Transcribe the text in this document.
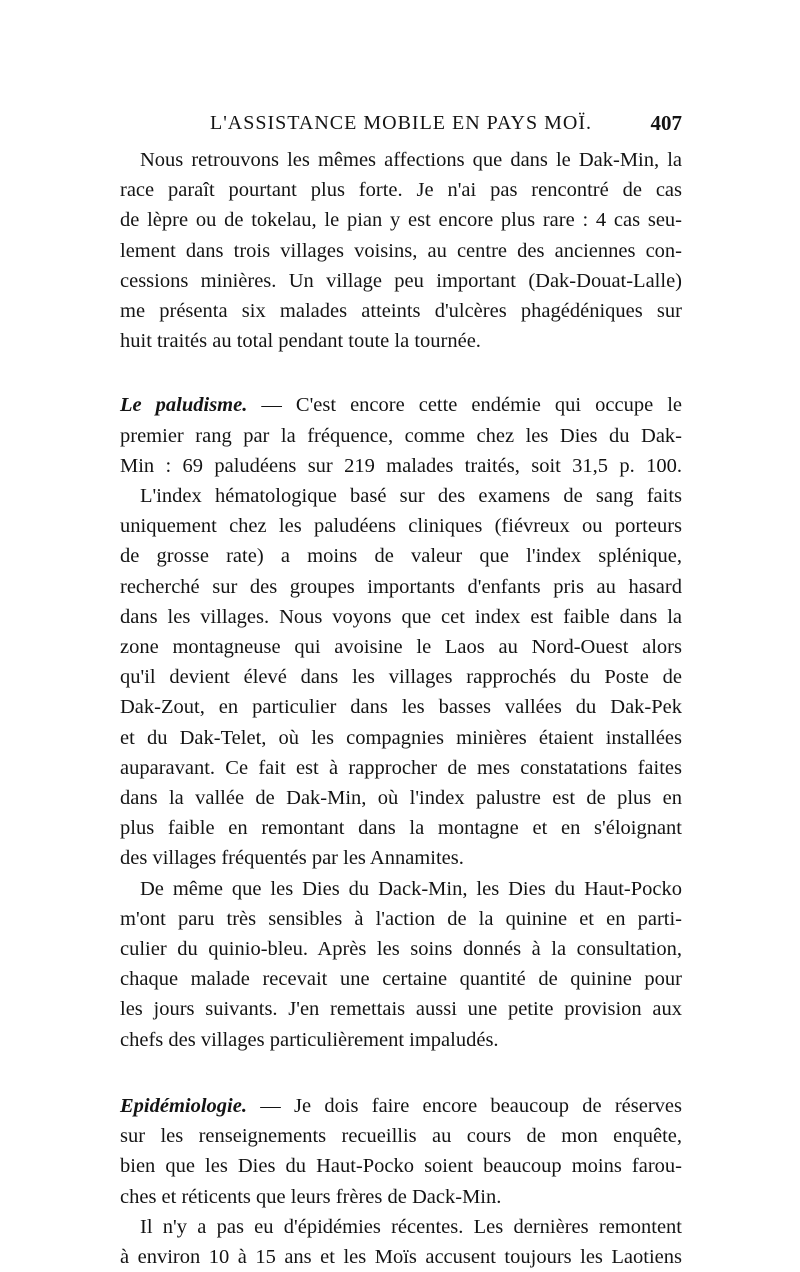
L'ASSISTANCE MOBILE EN PAYS MOÏ.	407
Nous retrouvons les mêmes affections que dans le Dak-Min, la
race paraît pourtant plus forte. Je n'ai pas rencontré de cas
de lèpre ou de tokelau, le pian y est encore plus rare : 4 cas seu-
lement dans trois villages voisins, au centre des anciennes con-
cessions minières. Un village peu important (Dak-Douat-Lalle)
me présenta six malades atteints d'ulcères phagédéniques sur
huit traités au total pendant toute la tournée.
Le paludisme. — C'est encore cette endémie qui occupe le
premier rang par la fréquence, comme chez les Dies du Dak-
Min : 69 paludéens sur 219 malades traités, soit 31,5 p. 100.
L'index hématologique basé sur des examens de sang faits
uniquement chez les paludéens cliniques (fiévreux ou porteurs
de grosse rate) a moins de valeur que l'index splénique,
recherché sur des groupes importants d'enfants pris au hasard
dans les villages. Nous voyons que cet index est faible dans la
zone montagneuse qui avoisine le Laos au Nord-Ouest alors
qu'il devient élevé dans les villages rapprochés du Poste de
Dak-Zout, en particulier dans les basses vallées du Dak-Pek
et du Dak-Telet, où les compagnies minières étaient installées
auparavant. Ce fait est à rapprocher de mes constatations faites
dans la vallée de Dak-Min, où l'index palustre est de plus en
plus faible en remontant dans la montagne et en s'éloignant
des villages fréquentés par les Annamites.
De même que les Dies du Dack-Min, les Dies du Haut-Pocko
m'ont paru très sensibles à l'action de la quinine et en parti-
culier du quinio-bleu. Après les soins donnés à la consultation,
chaque malade recevait une certaine quantité de quinine pour
les jours suivants. J'en remettais aussi une petite provision aux
chefs des villages particulièrement impaludés.
Epidémiologie. — Je dois faire encore beaucoup de réserves
sur les renseignements recueillis au cours de mon enquête,
bien que les Dies du Haut-Pocko soient beaucoup moins farou-
ches et réticents que leurs frères de Dack-Min.
Il n'y a pas eu d'épidémies récentes. Les dernières remontent
à environ 10 à 15 ans et les Moïs accusent toujours les Laotiens
